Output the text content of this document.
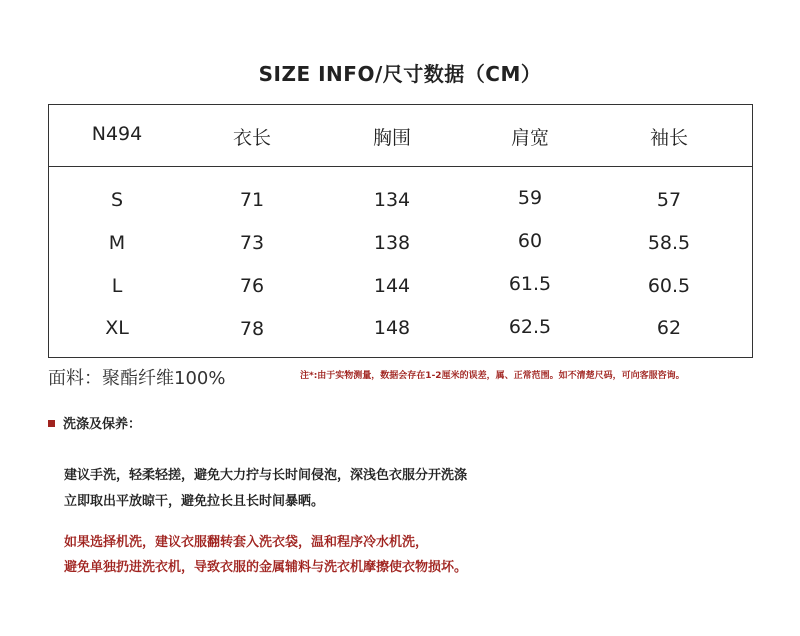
SIZE INFO/尺寸数据（CM）
N494	衣长	胸围	肩宽	袖长
S	71	134	59	57
M	73	138	60	58.5
L	76	144	61.5	60.5
XL	78	148	62.5	62
面料：聚酯纤维100%	注*:由于实物测量，数据会存在1-2厘米的误差，属、正常范围。如不清楚尺码，可向客服咨询。
洗涤及保养：
建议手洗，轻柔轻搓，避免大力拧与长时间侵泡，深浅色衣服分开洗涤
立即取出平放晾干，避免拉长且长时间暴晒。
如果选择机洗，建议衣服翻转套入洗衣袋，温和程序冷水机洗，
避免单独扔进洗衣机，导致衣服的金属辅料与洗衣机摩擦使衣物损坏。
